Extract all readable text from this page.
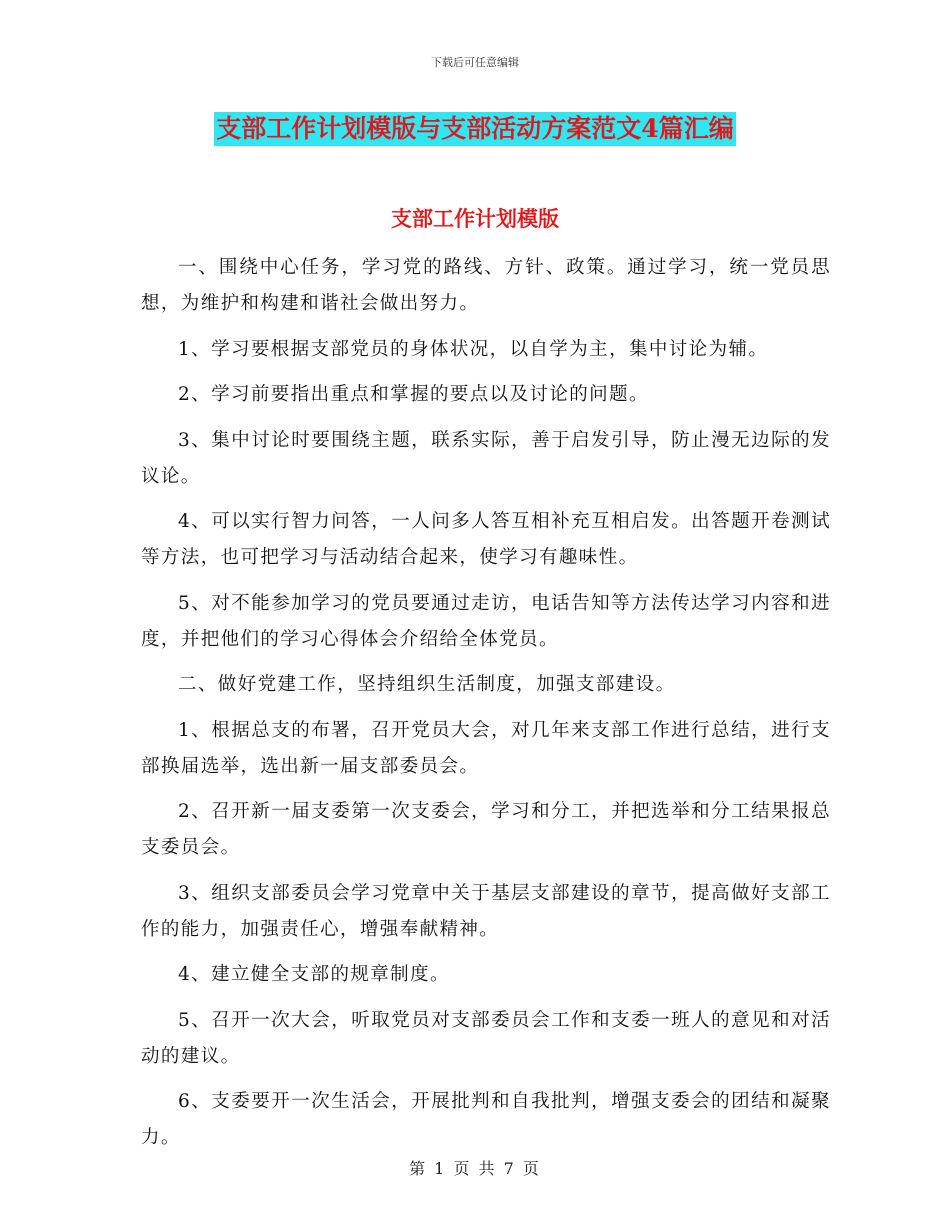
下载后可任意编辑
支部工作计划模版与支部活动方案范文4篇汇编
支部工作计划模版

一、围绕中心任务，学习党的路线、方针、政策。通过学习，统一党员思想，为维护和构建和谐社会做出努力。

1、学习要根据支部党员的身体状况，以自学为主，集中讨论为辅。

2、学习前要指出重点和掌握的要点以及讨论的问题。

3、集中讨论时要围绕主题，联系实际，善于启发引导，防止漫无边际的发议论。

4、可以实行智力问答，一人问多人答互相补充互相启发。出答题开卷测试等方法，也可把学习与活动结合起来，使学习有趣味性。

5、对不能参加学习的党员要通过走访，电话告知等方法传达学习内容和进度，并把他们的学习心得体会介绍给全体党员。

二、做好党建工作，坚持组织生活制度，加强支部建设。

1、根据总支的布署，召开党员大会，对几年来支部工作进行总结，进行支部换届选举，选出新一届支部委员会。

2、召开新一届支委第一次支委会，学习和分工，并把选举和分工结果报总支委员会。

3、组织支部委员会学习党章中关于基层支部建设的章节，提高做好支部工作的能力，加强责任心，增强奉献精神。

4、建立健全支部的规章制度。

5、召开一次大会，听取党员对支部委员会工作和支委一班人的意见和对活动的建议。

6、支委要开一次生活会，开展批判和自我批判，增强支委会的团结和凝聚力。

第 1 页 共 7 页
